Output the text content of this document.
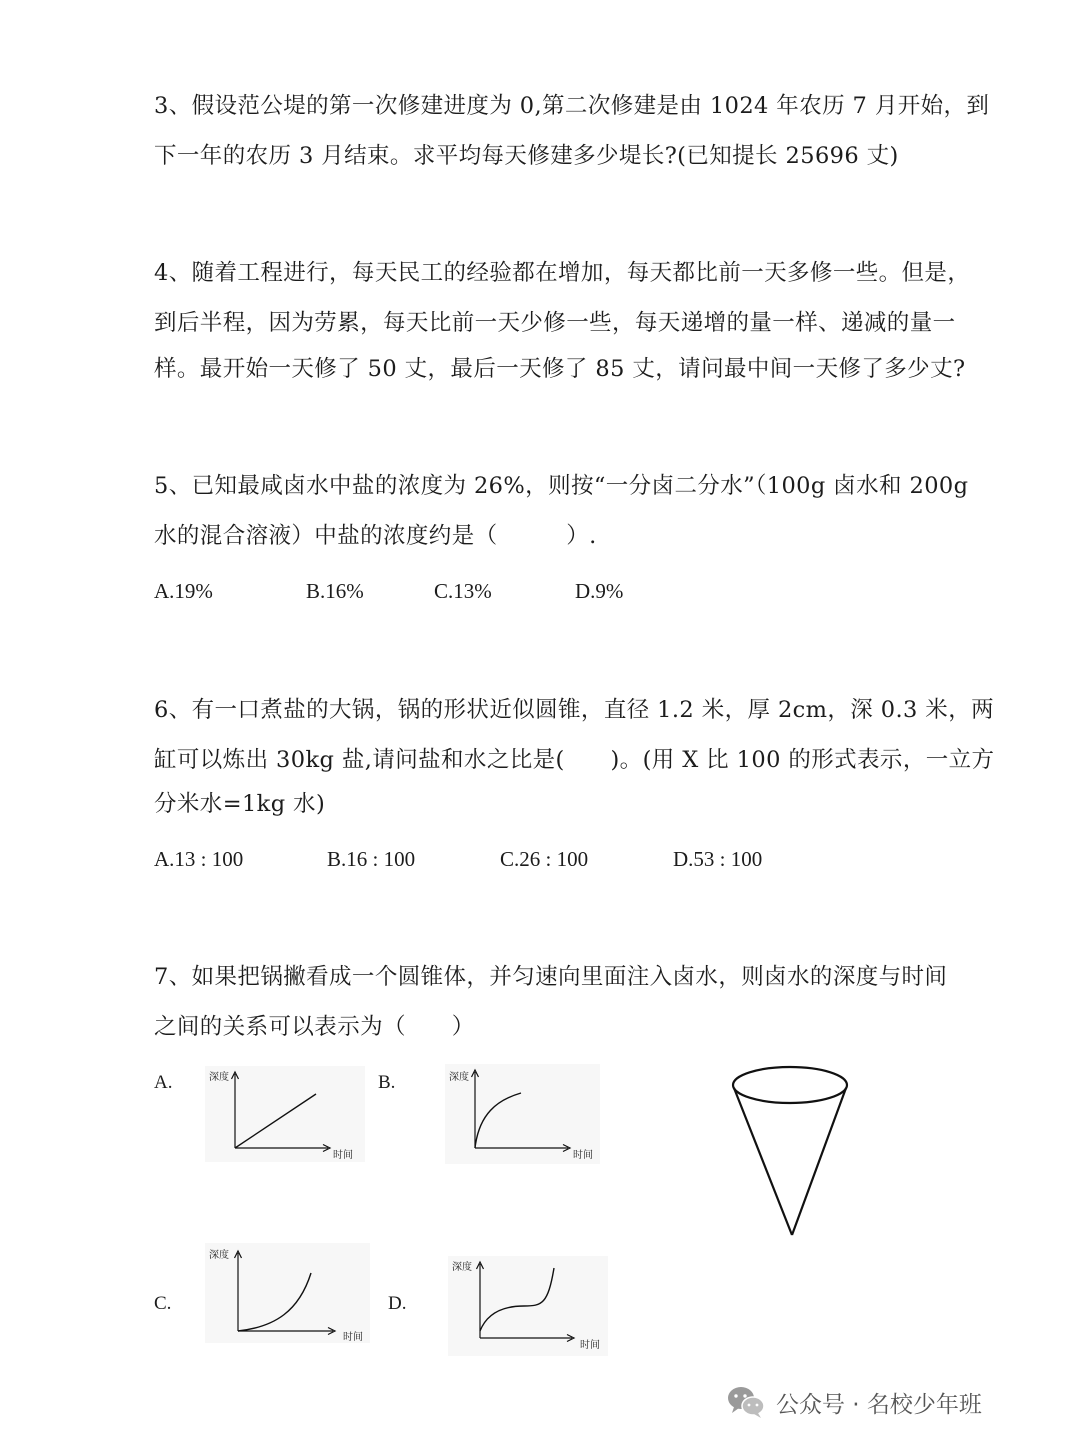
3、假设范公堤的第一次修建进度为 0,第二次修建是由 1024 年农历 7 月开始，到

下一年的农历 3 月结束。求平均每天修建多少堤长?(已知提长 25696 丈)

4、随着工程进行，每天民工的经验都在增加，每天都比前一天多修一些。但是，

到后半程，因为劳累，每天比前一天少修一些，每天递增的量一样、递减的量一

样。最开始一天修了 50 丈，最后一天修了 85 丈，请问最中间一天修了多少丈?

5、已知最咸卤水中盐的浓度为 26%，则按“一分卤二分水”（100g 卤水和 200g

水的混合溶液）中盐的浓度约是（　　　）.

A.19%	B.16%	C.13%	D.9%

6、有一口煮盐的大锅，锅的形状近似圆锥，直径 1.2 米，厚 2cm，深 0.3 米，两

缸可以炼出 30kg 盐,请问盐和水之比是(　　)。(用 X 比 100 的形式表示，一立方

分米水=1kg 水)

A.13 : 100	B.16 : 100	C.26 : 100	D.53 : 100

7、如果把锅撇看成一个圆锥体，并匀速向里面注入卤水，则卤水的深度与时间

之间的关系可以表示为（　　）

A.	深度
时间

B.	深度
时间

C.

深度
时间

D.

深度
时间
公众号 · 名校少年班
